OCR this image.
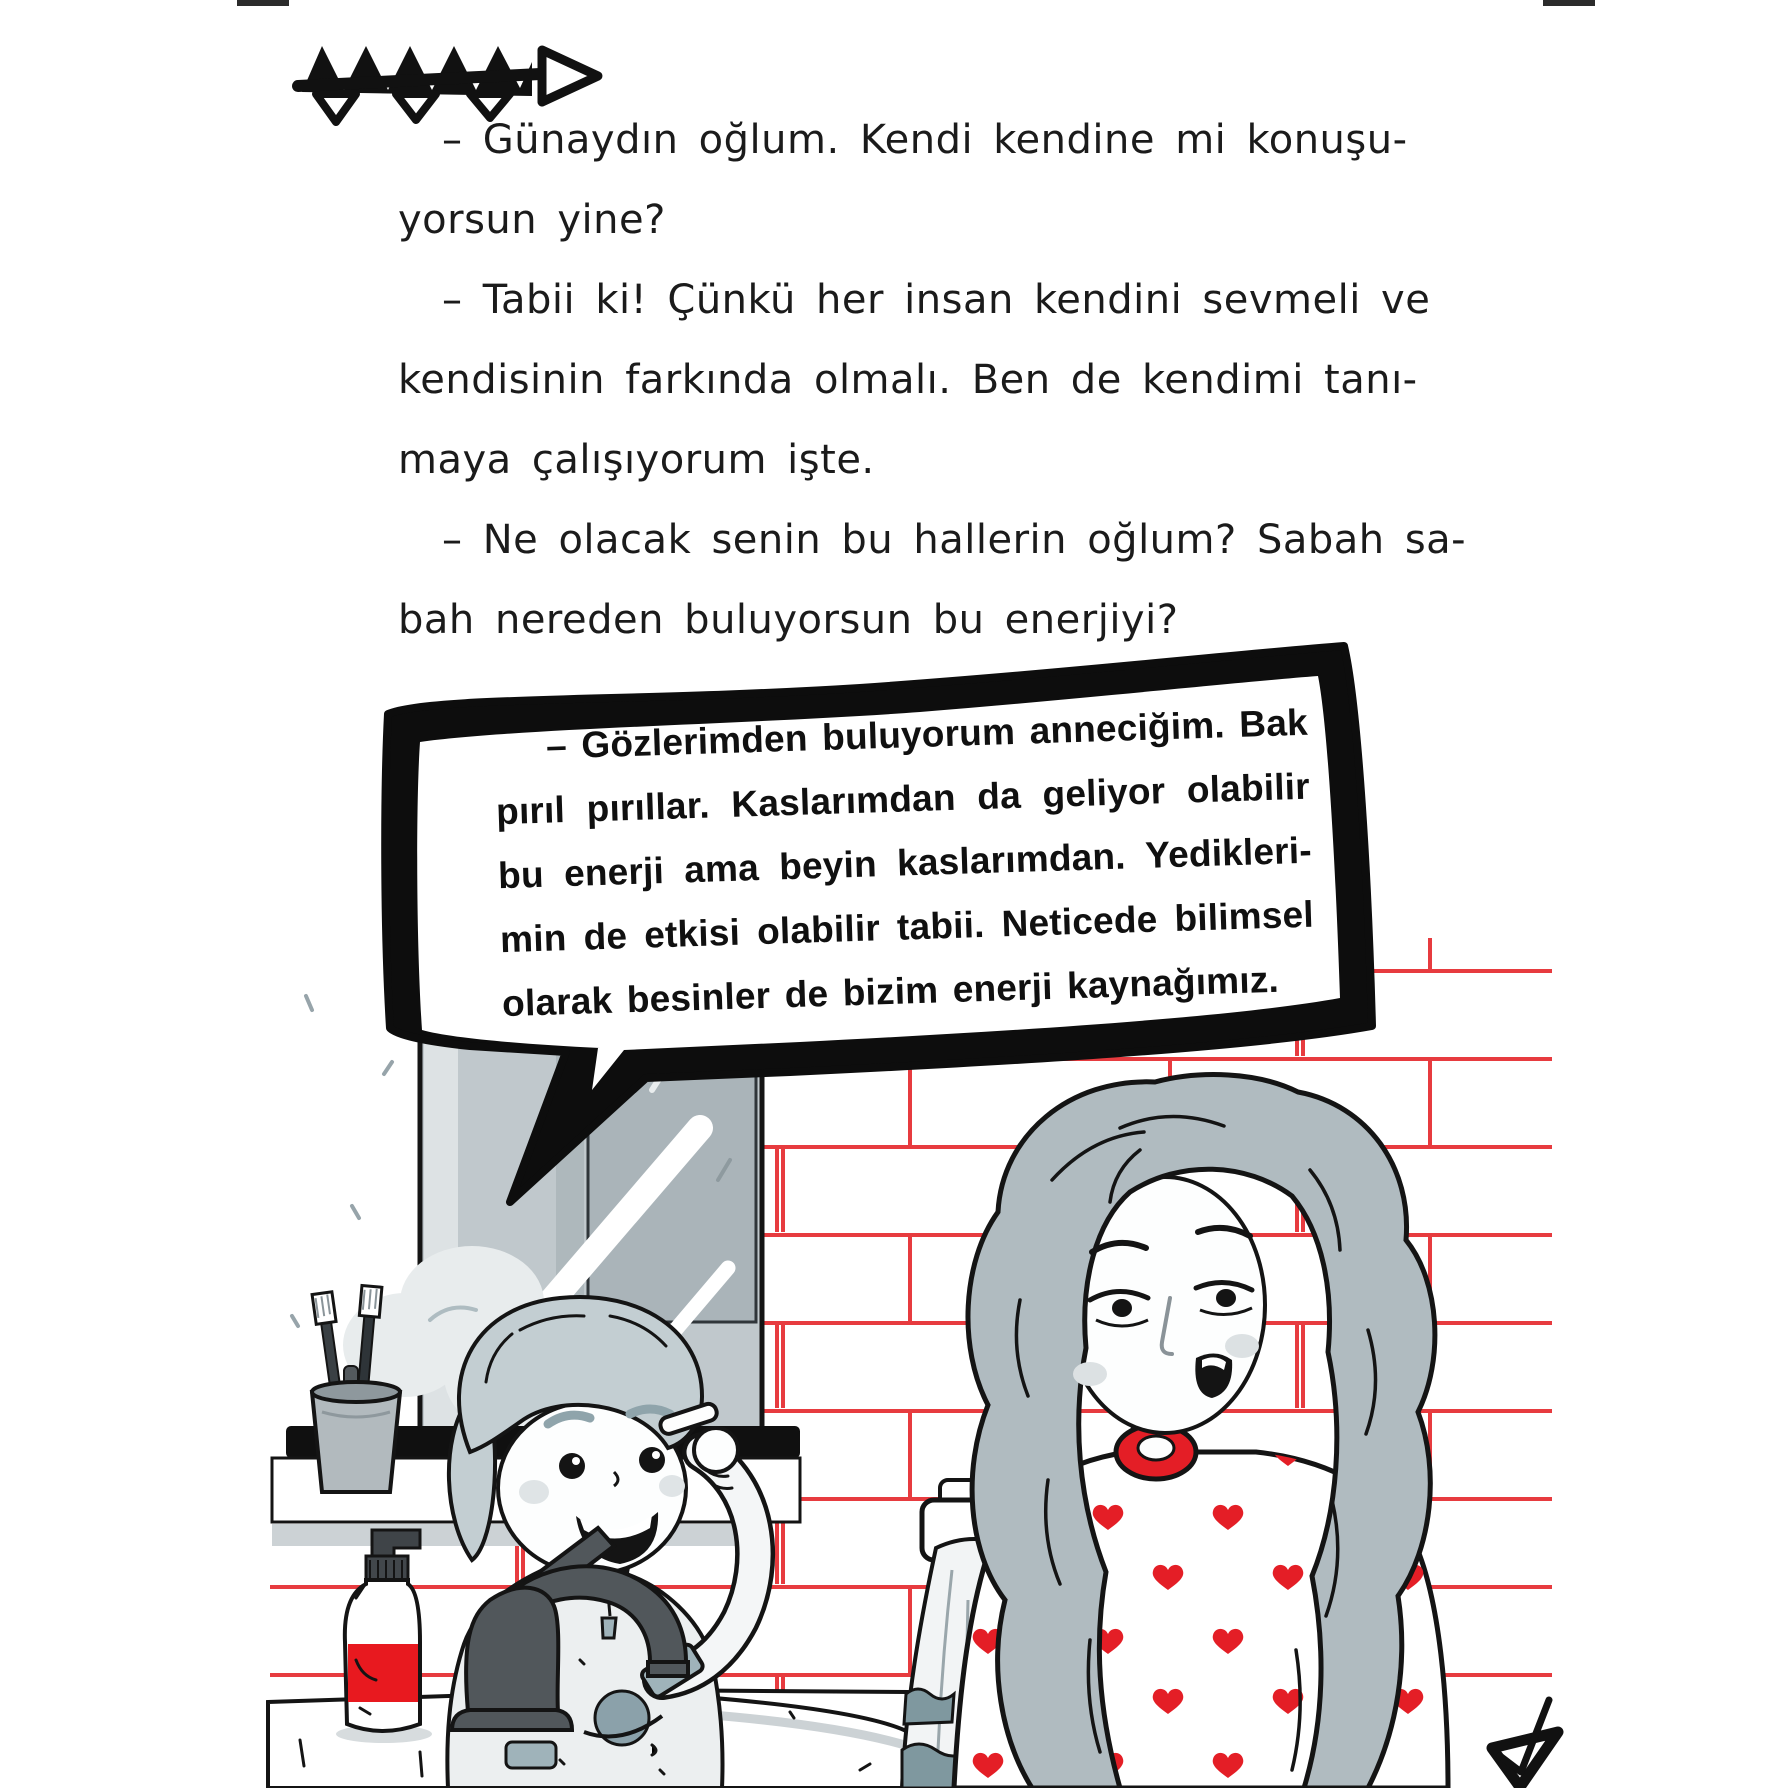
– Günaydın oğlum. Kendi kendine mi konuşu-
yorsun yine?
– Tabii ki! Çünkü her insan kendini sevmeli ve
kendisinin farkında olmalı. Ben de kendimi tanı-
maya çalışıyorum işte.
– Ne olacak senin bu hallerin oğlum? Sabah sa-
bah nereden buluyorsun bu enerjiyi?
– Gözlerimden buluyorum anneciğim. Bak
pırıl pırıllar. Kaslarımdan da geliyor olabilir
bu enerji ama beyin kaslarımdan. Yedikleri-
min de etkisi olabilir tabii. Neticede bilimsel
olarak besinler de bizim enerji kaynağımız.
